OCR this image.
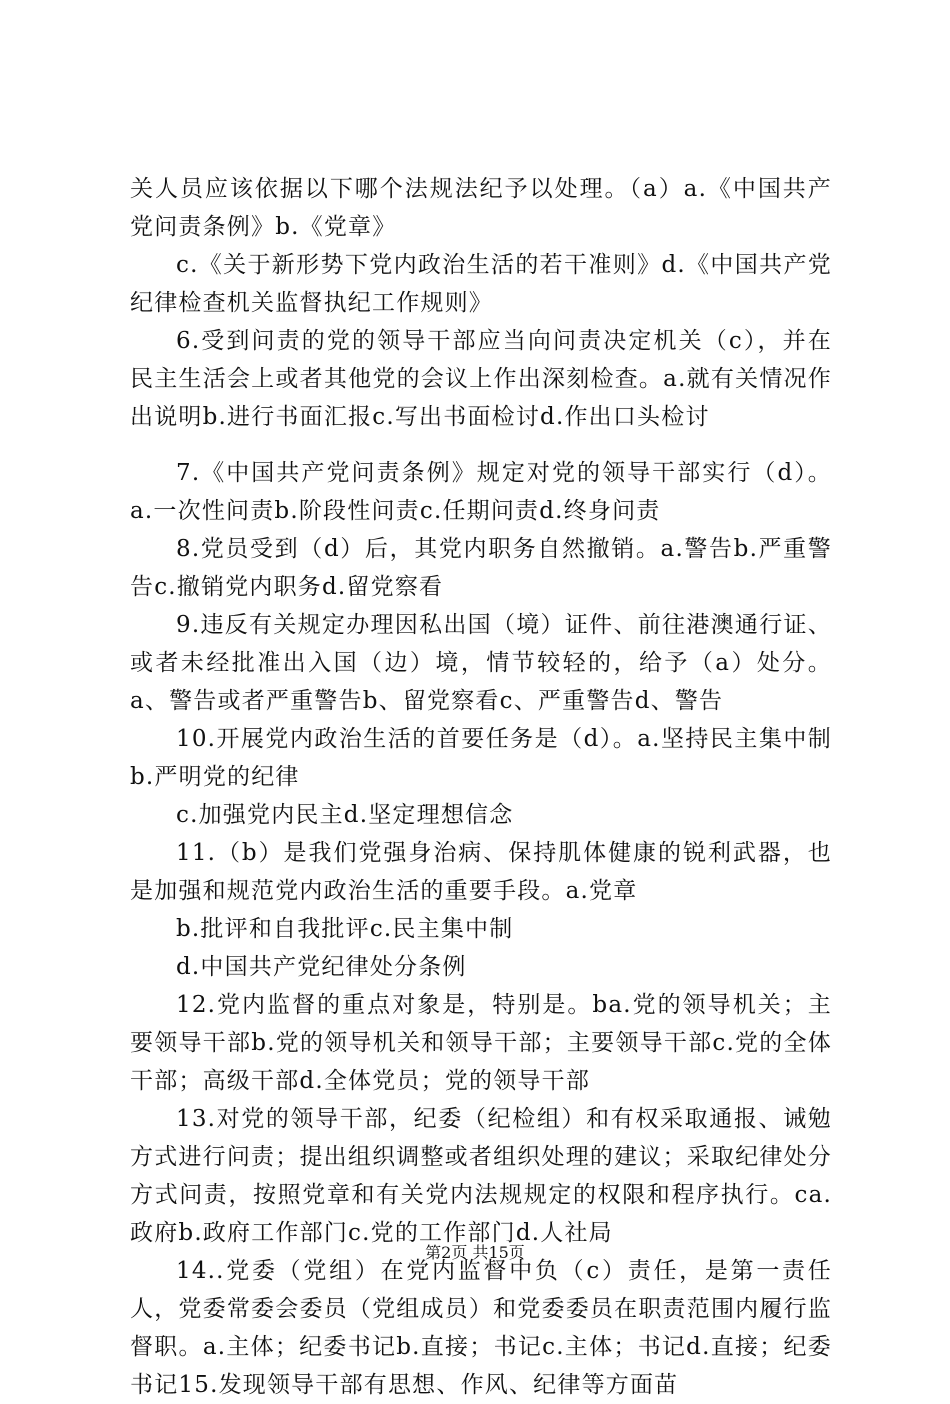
关人员应该依据以下哪个法规法纪予以处理。（a）a.《中国共产党问责条例》b.《党章》

c.《关于新形势下党内政治生活的若干准则》d.《中国共产党纪律检查机关监督执纪工作规则》

6.受到问责的党的领导干部应当向问责决定机关（c），并在民主生活会上或者其他党的会议上作出深刻检查。a.就有关情况作出说明b.进行书面汇报c.写出书面检讨d.作出口头检讨

7.《中国共产党问责条例》规定对党的领导干部实行（d）。a.一次性问责b.阶段性问责c.任期问责d.终身问责

8.党员受到（d）后，其党内职务自然撤销。a.警告b.严重警告c.撤销党内职务d.留党察看

9.违反有关规定办理因私出国（境）证件、前往港澳通行证、或者未经批准出入国（边）境，情节较轻的，给予（a）处分。a、警告或者严重警告b、留党察看c、严重警告d、警告

10.开展党内政治生活的首要任务是（d）。a.坚持民主集中制b.严明党的纪律

c.加强党内民主d.坚定理想信念

11.（b）是我们党强身治病、保持肌体健康的锐利武器，也是加强和规范党内政治生活的重要手段。a.党章

b.批评和自我批评c.民主集中制

d.中国共产党纪律处分条例

12.党内监督的重点对象是，特别是。ba.党的领导机关；主要领导干部b.党的领导机关和领导干部；主要领导干部c.党的全体干部；高级干部d.全体党员；党的领导干部

13.对党的领导干部，纪委（纪检组）和有权采取通报、诫勉方式进行问责；提出组织调整或者组织处理的建议；采取纪律处分方式问责，按照党章和有关党内法规规定的权限和程序执行。ca.政府b.政府工作部门c.党的工作部门d.人社局

14..党委（党组）在党内监督中负（c）责任，是第一责任人，党委常委会委员（党组成员）和党委委员在职责范围内履行监督职。a.主体；纪委书记b.直接；书记c.主体；书记d.直接；纪委书记15.发现领导干部有思想、作风、纪律等方面苗

第2页 共15页
